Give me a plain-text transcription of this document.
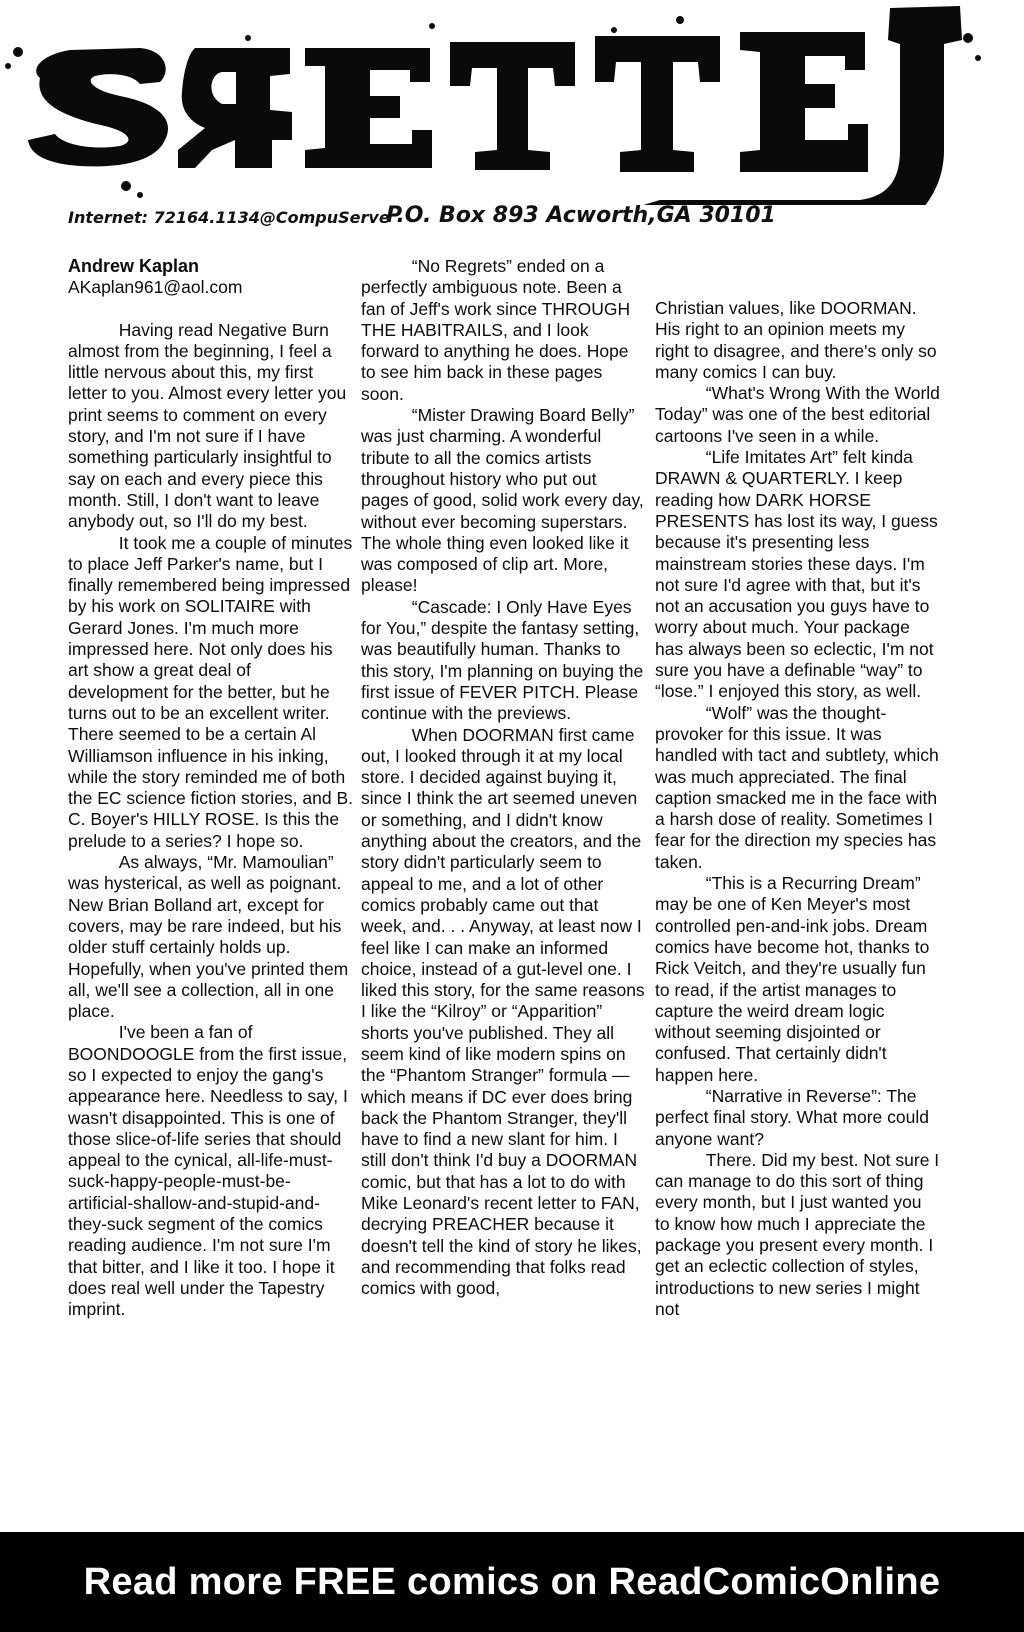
Internet: 72164.1134@CompuServe
P.O. Box 893 Acworth,GA 30101
Andrew Kaplan
AKaplan961@aol.com

Having read Negative Burn almost from the beginning, I feel a little nervous about this, my first letter to you. Almost every letter you print seems to comment on every story, and I'm not sure if I have something particularly insightful to say on each and every piece this month. Still, I don't want to leave anybody out, so I'll do my best.

It took me a couple of minutes to place Jeff Parker's name, but I finally remembered being impressed by his work on SOLITAIRE with Gerard Jones. I'm much more impressed here. Not only does his art show a great deal of development for the better, but he turns out to be an excellent writer. There seemed to be a certain Al Williamson influence in his inking, while the story reminded me of both the EC science fiction stories, and B. C. Boyer's HILLY ROSE. Is this the prelude to a series? I hope so.

As always, “Mr. Mamoulian” was hysterical, as well as poignant. New Brian Bolland art, except for covers, may be rare indeed, but his older stuff certainly holds up. Hopefully, when you've printed them all, we'll see a collection, all in one place.

I've been a fan of BOONDOOGLE from the first issue, so I expected to enjoy the gang's appearance here. Needless to say, I wasn't disappointed. This is one of those slice-of-life series that should appeal to the cynical, all-life-must-suck-happy-people-must-be-artificial-shallow-and-stupid-and-they-suck segment of the comics reading audience. I'm not sure I'm that bitter, and I like it too. I hope it does real well under the Tapestry imprint.

“No Regrets” ended on a perfectly ambiguous note. Been a fan of Jeff's work since THROUGH THE HABITRAILS, and I look forward to anything he does. Hope to see him back in these pages soon.

“Mister Drawing Board Belly” was just charming. A wonderful tribute to all the comics artists throughout history who put out pages of good, solid work every day, without ever becoming superstars. The whole thing even looked like it was composed of clip art. More, please!

“Cascade: I Only Have Eyes for You,” despite the fantasy setting, was beautifully human. Thanks to this story, I'm planning on buying the first issue of FEVER PITCH. Please continue with the previews.

When DOORMAN first came out, I looked through it at my local store. I decided against buying it, since I think the art seemed uneven or something, and I didn't know anything about the creators, and the story didn't particularly seem to appeal to me, and a lot of other comics probably came out that week, and. . . Anyway, at least now I feel like I can make an informed choice, instead of a gut-level one. I liked this story, for the same reasons I like the “Kilroy” or “Apparition” shorts you've published. They all seem kind of like modern spins on the “Phantom Stranger” formula — which means if DC ever does bring back the Phantom Stranger, they'll have to find a new slant for him. I still don't think I'd buy a DOORMAN comic, but that has a lot to do with Mike Leonard's recent letter to FAN, decrying PREACHER because it doesn't tell the kind of story he likes, and recommending that folks read comics with good,

Christian values, like DOORMAN. His right to an opinion meets my right to disagree, and there's only so many comics I can buy.

“What's Wrong With the World Today” was one of the best editorial cartoons I've seen in a while.

“Life Imitates Art” felt kinda DRAWN & QUARTERLY. I keep reading how DARK HORSE PRESENTS has lost its way, I guess because it's presenting less mainstream stories these days. I'm not sure I'd agree with that, but it's not an accusation you guys have to worry about much. Your package has always been so eclectic, I'm not sure you have a definable “way” to “lose.” I enjoyed this story, as well.

“Wolf” was the thought-provoker for this issue. It was handled with tact and subtlety, which was much appreciated. The final caption smacked me in the face with a harsh dose of reality. Sometimes I fear for the direction my species has taken.

“This is a Recurring Dream” may be one of Ken Meyer's most controlled pen-and-ink jobs. Dream comics have become hot, thanks to Rick Veitch, and they're usually fun to read, if the artist manages to capture the weird dream logic without seeming disjointed or confused. That certainly didn't happen here.

“Narrative in Reverse”: The perfect final story. What more could anyone want?

There. Did my best. Not sure I can manage to do this sort of thing every month, but I just wanted you to know how much I appreciate the package you present every month. I get an eclectic collection of styles, introductions to new series I might not

Read more FREE comics on ReadComicOnline
